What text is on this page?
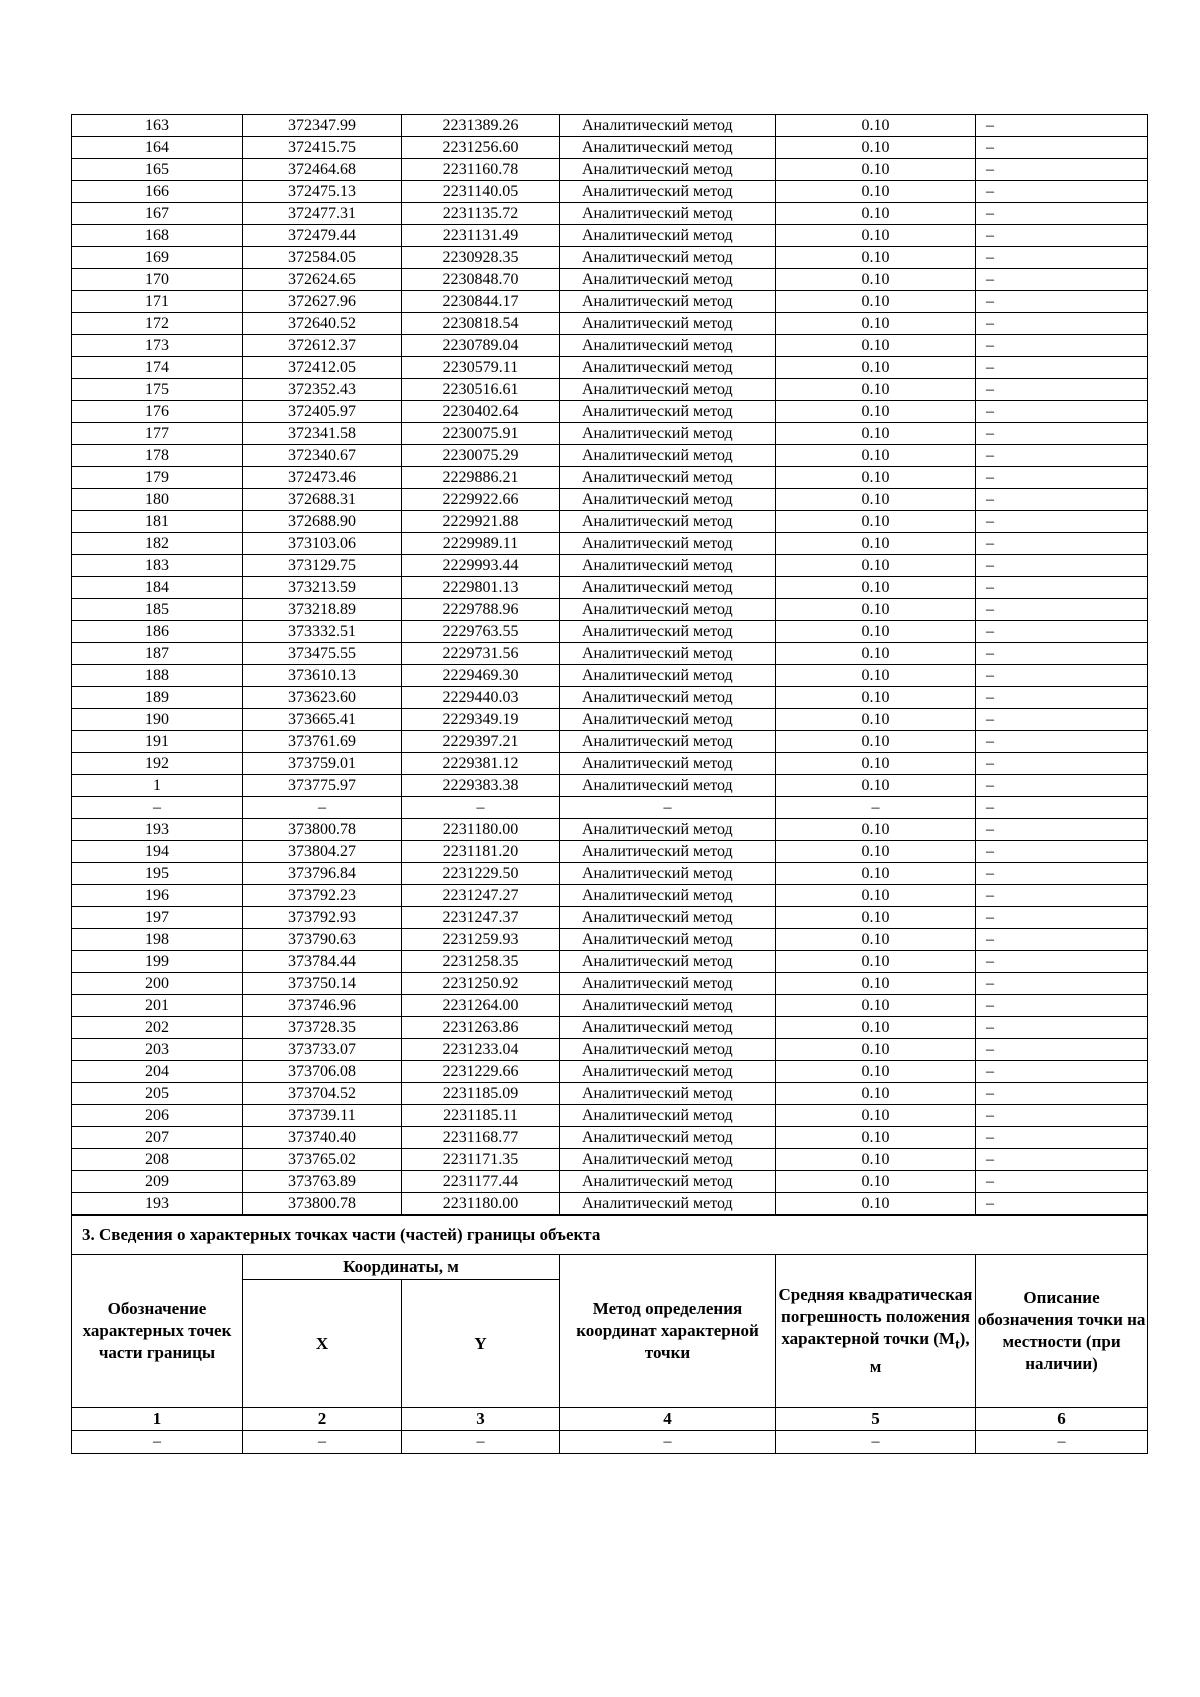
163	372347.99	2231389.26	Аналитический метод	0.10	–
164	372415.75	2231256.60	Аналитический метод	0.10	–
165	372464.68	2231160.78	Аналитический метод	0.10	–
166	372475.13	2231140.05	Аналитический метод	0.10	–
167	372477.31	2231135.72	Аналитический метод	0.10	–
168	372479.44	2231131.49	Аналитический метод	0.10	–
169	372584.05	2230928.35	Аналитический метод	0.10	–
170	372624.65	2230848.70	Аналитический метод	0.10	–
171	372627.96	2230844.17	Аналитический метод	0.10	–
172	372640.52	2230818.54	Аналитический метод	0.10	–
173	372612.37	2230789.04	Аналитический метод	0.10	–
174	372412.05	2230579.11	Аналитический метод	0.10	–
175	372352.43	2230516.61	Аналитический метод	0.10	–
176	372405.97	2230402.64	Аналитический метод	0.10	–
177	372341.58	2230075.91	Аналитический метод	0.10	–
178	372340.67	2230075.29	Аналитический метод	0.10	–
179	372473.46	2229886.21	Аналитический метод	0.10	–
180	372688.31	2229922.66	Аналитический метод	0.10	–
181	372688.90	2229921.88	Аналитический метод	0.10	–
182	373103.06	2229989.11	Аналитический метод	0.10	–
183	373129.75	2229993.44	Аналитический метод	0.10	–
184	373213.59	2229801.13	Аналитический метод	0.10	–
185	373218.89	2229788.96	Аналитический метод	0.10	–
186	373332.51	2229763.55	Аналитический метод	0.10	–
187	373475.55	2229731.56	Аналитический метод	0.10	–
188	373610.13	2229469.30	Аналитический метод	0.10	–
189	373623.60	2229440.03	Аналитический метод	0.10	–
190	373665.41	2229349.19	Аналитический метод	0.10	–
191	373761.69	2229397.21	Аналитический метод	0.10	–
192	373759.01	2229381.12	Аналитический метод	0.10	–
1	373775.97	2229383.38	Аналитический метод	0.10	–
–	–	–	–	–	–
193	373800.78	2231180.00	Аналитический метод	0.10	–
194	373804.27	2231181.20	Аналитический метод	0.10	–
195	373796.84	2231229.50	Аналитический метод	0.10	–
196	373792.23	2231247.27	Аналитический метод	0.10	–
197	373792.93	2231247.37	Аналитический метод	0.10	–
198	373790.63	2231259.93	Аналитический метод	0.10	–
199	373784.44	2231258.35	Аналитический метод	0.10	–
200	373750.14	2231250.92	Аналитический метод	0.10	–
201	373746.96	2231264.00	Аналитический метод	0.10	–
202	373728.35	2231263.86	Аналитический метод	0.10	–
203	373733.07	2231233.04	Аналитический метод	0.10	–
204	373706.08	2231229.66	Аналитический метод	0.10	–
205	373704.52	2231185.09	Аналитический метод	0.10	–
206	373739.11	2231185.11	Аналитический метод	0.10	–
207	373740.40	2231168.77	Аналитический метод	0.10	–
208	373765.02	2231171.35	Аналитический метод	0.10	–
209	373763.89	2231177.44	Аналитический метод	0.10	–
193	373800.78	2231180.00	Аналитический метод	0.10	–
3. Сведения о характерных точках части (частей) границы объекта					
Обозначение характерных точек части границы	Координаты, м		Метод определения координат характерной точки	Средняя квадратическая погрешность положения характерной точки $(M_t)$, м	Описание обозначения точки на местности (при наличии)
	X	Y			
1	2	3	4	5	6
–	–	–	–	–	–
